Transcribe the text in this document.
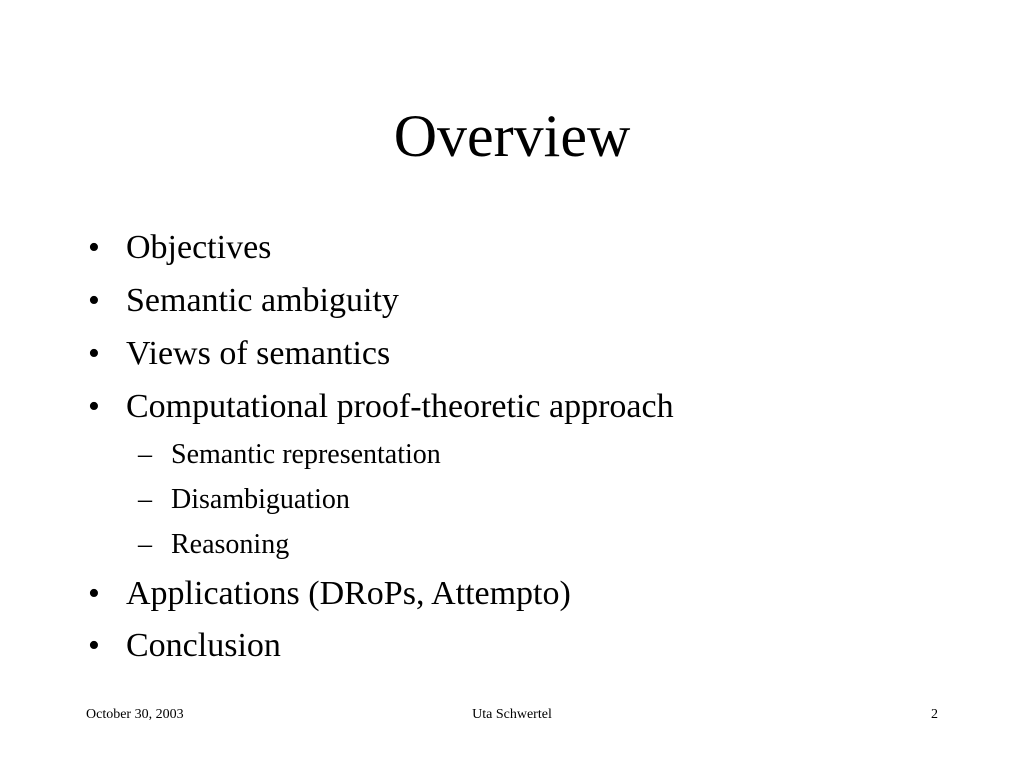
Overview
• Objectives
• Semantic ambiguity
• Views of semantics
• Computational proof-theoretic approach
– Semantic representation
– Disambiguation
– Reasoning
• Applications (DRoPs, Attempto)
• Conclusion
October 30, 2003	Uta Schwertel	2
